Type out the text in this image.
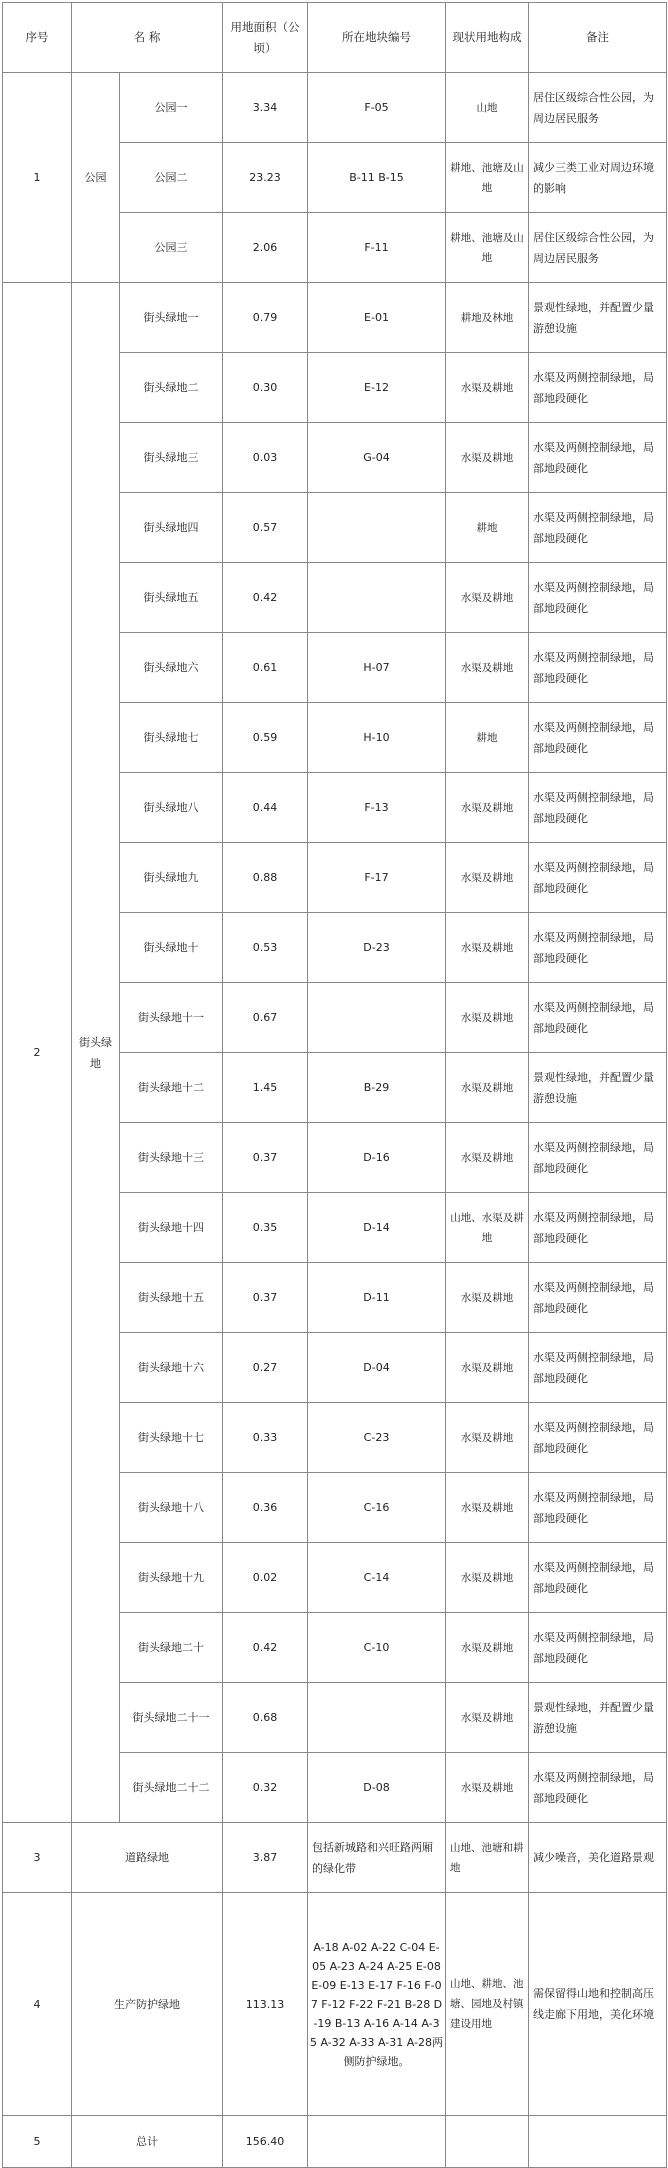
序号	名 称		用地面积（公顷）	所在地块编号	现状用地构成	备注
1	公园	公园一	3.34	F-05	山地	居住区级综合性公园，为周边居民服务
		公园二	23.23	B-11 B-15	耕地、池塘及山地	减少三类工业对周边环境的影响
		公园三	2.06	F-11	耕地、池塘及山地	居住区级综合性公园，为周边居民服务
2	街头绿地	街头绿地一	0.79	E-01	耕地及林地	景观性绿地，并配置少量游憩设施
		街头绿地二	0.30	E-12	水渠及耕地	水渠及两侧控制绿地，局部地段硬化
		街头绿地三	0.03	G-04	水渠及耕地	水渠及两侧控制绿地，局部地段硬化
		街头绿地四	0.57		耕地	水渠及两侧控制绿地，局部地段硬化
		街头绿地五	0.42		水渠及耕地	水渠及两侧控制绿地，局部地段硬化
		街头绿地六	0.61	H-07	水渠及耕地	水渠及两侧控制绿地，局部地段硬化
		街头绿地七	0.59	H-10	耕地	水渠及两侧控制绿地，局部地段硬化
		街头绿地八	0.44	F-13	水渠及耕地	水渠及两侧控制绿地，局部地段硬化
		街头绿地九	0.88	F-17	水渠及耕地	水渠及两侧控制绿地，局部地段硬化
		街头绿地十	0.53	D-23	水渠及耕地	水渠及两侧控制绿地，局部地段硬化
		街头绿地十一	0.67		水渠及耕地	水渠及两侧控制绿地，局部地段硬化
		街头绿地十二	1.45	B-29	水渠及耕地	景观性绿地，并配置少量游憩设施
		街头绿地十三	0.37	D-16	水渠及耕地	水渠及两侧控制绿地，局部地段硬化
		街头绿地十四	0.35	D-14	山地、水渠及耕地	水渠及两侧控制绿地，局部地段硬化
		街头绿地十五	0.37	D-11	水渠及耕地	水渠及两侧控制绿地，局部地段硬化
		街头绿地十六	0.27	D-04	水渠及耕地	水渠及两侧控制绿地，局部地段硬化
		街头绿地十七	0.33	C-23	水渠及耕地	水渠及两侧控制绿地，局部地段硬化
		街头绿地十八	0.36	C-16	水渠及耕地	水渠及两侧控制绿地，局部地段硬化
		街头绿地十九	0.02	C-14	水渠及耕地	水渠及两侧控制绿地，局部地段硬化
		街头绿地二十	0.42	C-10	水渠及耕地	水渠及两侧控制绿地，局部地段硬化
		街头绿地二十一	0.68		水渠及耕地	景观性绿地，并配置少量游憩设施
		街头绿地二十二	0.32	D-08	水渠及耕地	水渠及两侧控制绿地，局部地段硬化
3	道路绿地		3.87	包括新城路和兴旺路两厢的绿化带	山地、池塘和耕地	减少噪音，美化道路景观
4	生产防护绿地		113.13	A-18 A-02 A-22 C-04 E-05 A-23 A-24 A-25 E-08 E-09 E-13 E-17 F-16 F-07 F-12 F-22 F-21 B-28 D-19 B-13 A-16 A-14 A-35 A-32 A-33 A-31 A-28两侧防护绿地。	山地、耕地、池塘、园地及村镇建设用地	需保留得山地和控制高压线走廊下用地，美化环境
5	总计		156.40			
